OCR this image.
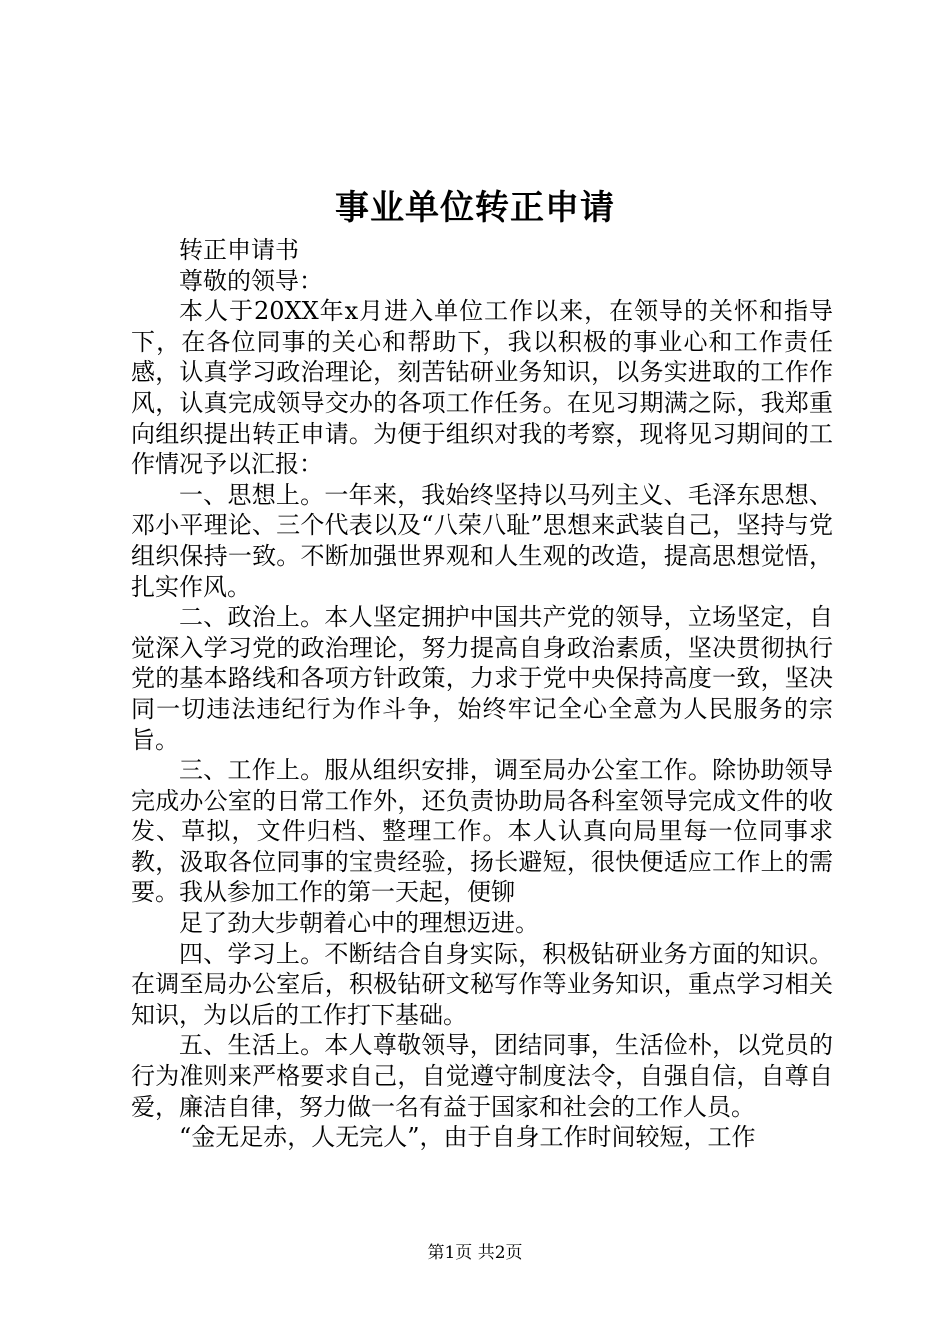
事业单位转正申请

转正申请书

尊敬的领导：

本人于20XX年x月进入单位工作以来，在领导的关怀和指导下，在各位同事的关心和帮助下，我以积极的事业心和工作责任感，认真学习政治理论，刻苦钻研业务知识，以务实进取的工作作风，认真完成领导交办的各项工作任务。在见习期满之际，我郑重向组织提出转正申请。为便于组织对我的考察，现将见习期间的工作情况予以汇报：

一、思想上。一年来，我始终坚持以马列主义、毛泽东思想、邓小平理论、三个代表以及“八荣八耻”思想来武装自己，坚持与党组织保持一致。不断加强世界观和人生观的改造，提高思想觉悟，扎实作风。

二、政治上。本人坚定拥护中国共产党的领导，立场坚定，自觉深入学习党的政治理论，努力提高自身政治素质，坚决贯彻执行党的基本路线和各项方针政策，力求于党中央保持高度一致，坚决同一切违法违纪行为作斗争，始终牢记全心全意为人民服务的宗旨。

三、工作上。服从组织安排，调至局办公室工作。除协助领导完成办公室的日常工作外，还负责协助局各科室领导完成文件的收发、草拟，文件归档、整理工作。本人认真向局里每一位同事求教，汲取各位同事的宝贵经验，扬长避短，很快便适应工作上的需要。我从参加工作的第一天起，便铆

足了劲大步朝着心中的理想迈进。

四、学习上。不断结合自身实际，积极钻研业务方面的知识。在调至局办公室后，积极钻研文秘写作等业务知识，重点学习相关知识，为以后的工作打下基础。

五、生活上。本人尊敬领导，团结同事，生活俭朴，以党员的行为准则来严格要求自己，自觉遵守制度法令，自强自信，自尊自爱，廉洁自律，努力做一名有益于国家和社会的工作人员。

“金无足赤，人无完人”，由于自身工作时间较短，工作

第1页 共2页
